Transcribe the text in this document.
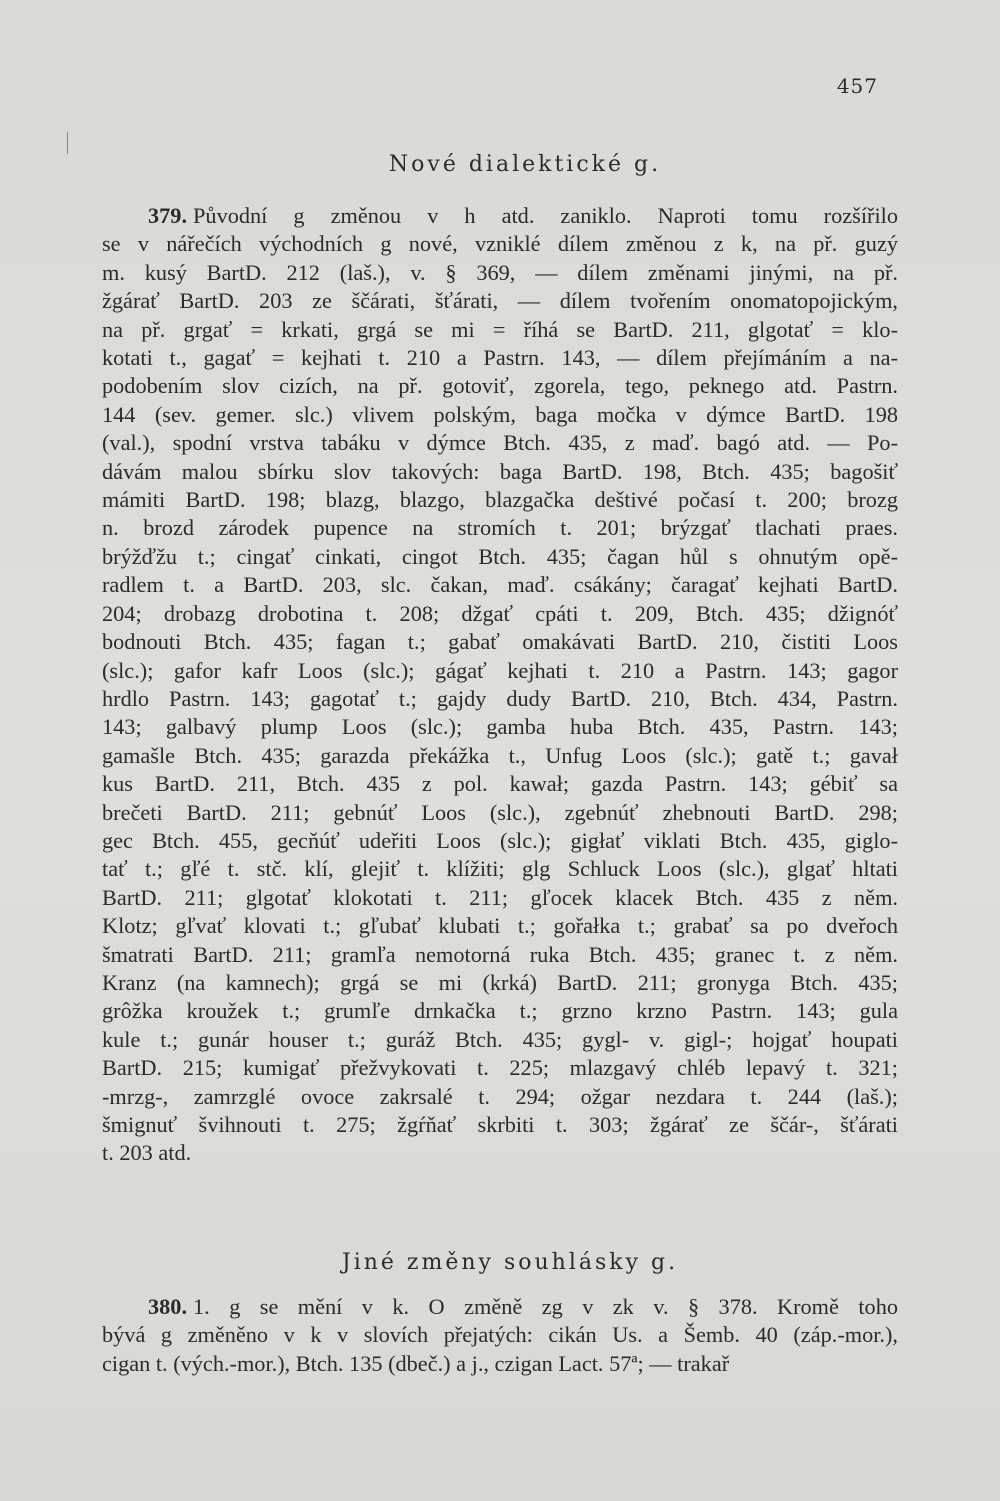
457
Nové dialektické g.
379. Původní g změnou v h atd. zaniklo. Naproti tomu rozšířilo
se v nářečích východních g nové, vzniklé dílem změnou z k, na př. guzý
m. kusý BartD. 212 (laš.), v. § 369, — dílem změnami jinými, na př.
žgárať BartD. 203 ze ščárati, šťárati, — dílem tvořením onomatopojickým,
na př. grgať = krkati, grgá se mi = říhá se BartD. 211, glgotať = klo-
kotati t., gagať = kejhati t. 210 a Pastrn. 143, — dílem přejímáním a na-
podobením slov cizích, na př. gotoviť, zgorela, tego, peknego atd. Pastrn.
144 (sev. gemer. slc.) vlivem polským, baga močka v dýmce BartD. 198
(val.), spodní vrstva tabáku v dýmce Btch. 435, z maď. bagó atd. — Po-
dávám malou sbírku slov takových: baga BartD. 198, Btch. 435; bagošiť
mámiti BartD. 198; blazg, blazgo, blazgačka deštivé počasí t. 200; brozg
n. brozd zárodek pupence na stromích t. 201; brýzgať tlachati praes.
brýžďžu t.; cingať cinkati, cingot Btch. 435; čagan hůl s ohnutým opě-
radlem t. a BartD. 203, slc. čakan, maď. csákány; čaragať kejhati BartD.
204; drobazg drobotina t. 208; džgať cpáti t. 209, Btch. 435; džignóť
bodnouti Btch. 435; fagan t.; gabať omakávati BartD. 210, čistiti Loos
(slc.); gafor kafr Loos (slc.); gágať kejhati t. 210 a Pastrn. 143; gagor
hrdlo Pastrn. 143; gagotať t.; gajdy dudy BartD. 210, Btch. 434, Pastrn.
143; galbavý plump Loos (slc.); gamba huba Btch. 435, Pastrn. 143;
gamašle Btch. 435; garazda překážka t., Unfug Loos (slc.); gatě t.; gavał
kus BartD. 211, Btch. 435 z pol. kawał; gazda Pastrn. 143; gébiť sa
brečeti BartD. 211; gebnúť Loos (slc.), zgebnúť zhebnouti BartD. 298;
gec Btch. 455, gecňúť udeřiti Loos (slc.); gigłať viklati Btch. 435, giglo-
tať t.; gľé t. stč. klí, glejiť t. klížiti; glg Schluck Loos (slc.), glgať hltati
BartD. 211; glgotať klokotati t. 211; gľocek klacek Btch. 435 z něm.
Klotz; gľvať klovati t.; gľubať klubati t.; gořałka t.; grabať sa po dveřoch
šmatrati BartD. 211; gramľa nemotorná ruka Btch. 435; granec t. z něm.
Kranz (na kamnech); grgá se mi (krká) BartD. 211; gronyga Btch. 435;
grôžka kroužek t.; grumľe drnkačka t.; grzno krzno Pastrn. 143; gula
kule t.; gunár houser t.; guráž Btch. 435; gygl- v. gigl-; hojgať houpati
BartD. 215; kumigať přežvykovati t. 225; mlazgavý chléb lepavý t. 321;
-mrzg-, zamrzglé ovoce zakrsalé t. 294; ožgar nezdara t. 244 (laš.);
šmignuť švihnouti t. 275; žgŕňať skrbiti t. 303; žgárať ze ščár-, šťárati
t. 203 atd.
Jiné změny souhlásky g.
380. 1. g se mění v k. O změně zg v zk v. § 378. Kromě toho
bývá g změněno v k v slovích přejatých: cikán Us. a Šemb. 40 (záp.-mor.),
cigan t. (vých.-mor.), Btch. 135 (dbeč.) a j., czigan Lact. 57ª; — trakař
